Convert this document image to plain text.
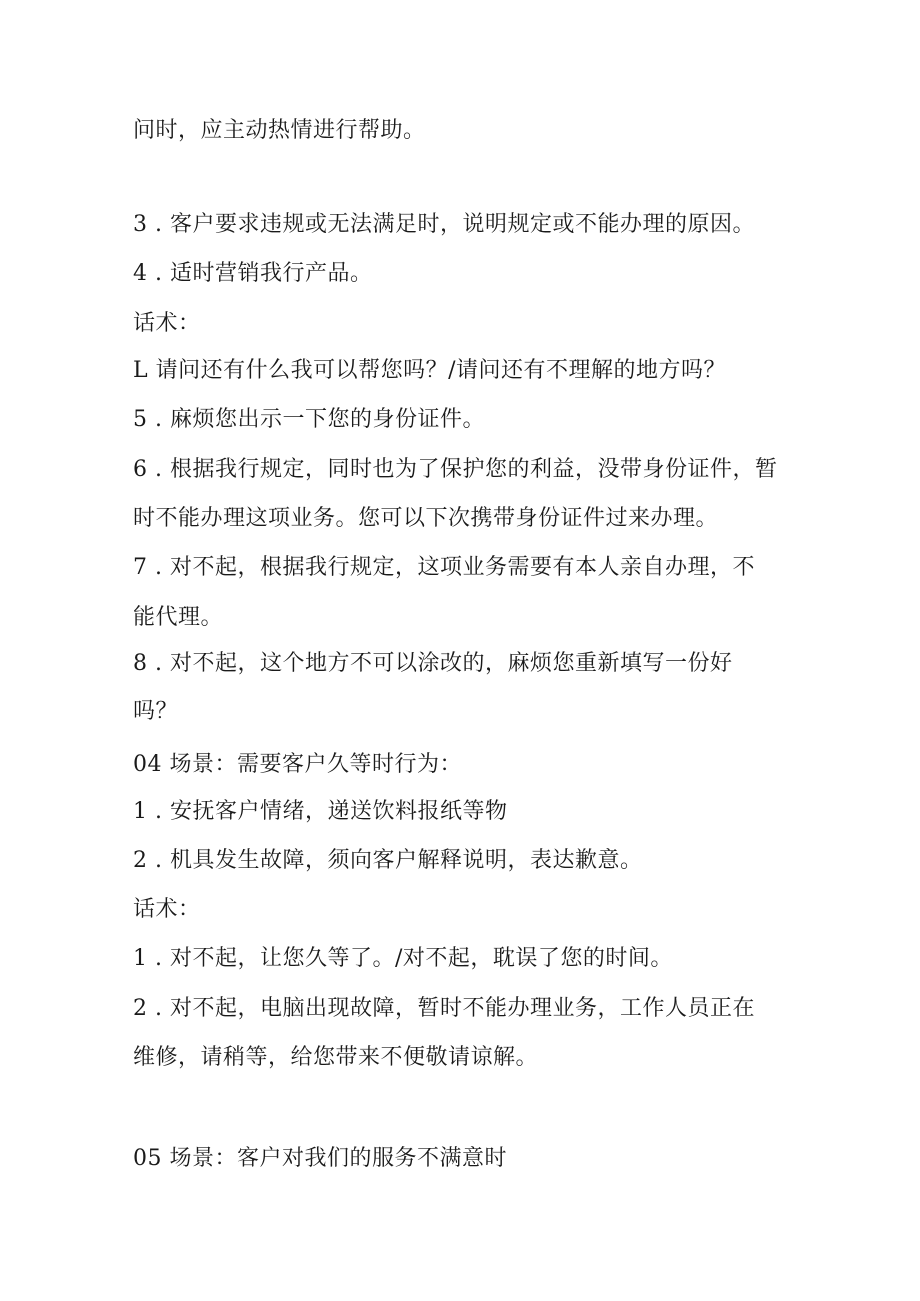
问时，应主动热情进行帮助。

3 . 客户要求违规或无法满足时，说明规定或不能办理的原因。

4 . 适时营销我行产品。

话术：

L 请问还有什么我可以帮您吗？/请问还有不理解的地方吗？

5 . 麻烦您出示一下您的身份证件。

6 . 根据我行规定，同时也为了保护您的利益，没带身份证件，暂

时不能办理这项业务。您可以下次携带身份证件过来办理。

7 . 对不起，根据我行规定，这项业务需要有本人亲自办理，不

能代理。

8 . 对不起，这个地方不可以涂改的，麻烦您重新填写一份好

吗？

04 场景：需要客户久等时行为：

1 . 安抚客户情绪，递送饮料报纸等物

2 . 机具发生故障，须向客户解释说明，表达歉意。

话术：

1 . 对不起，让您久等了。/对不起，耽误了您的时间。

2 . 对不起，电脑出现故障，暂时不能办理业务，工作人员正在

维修，请稍等，给您带来不便敬请谅解。

05 场景：客户对我们的服务不满意时
